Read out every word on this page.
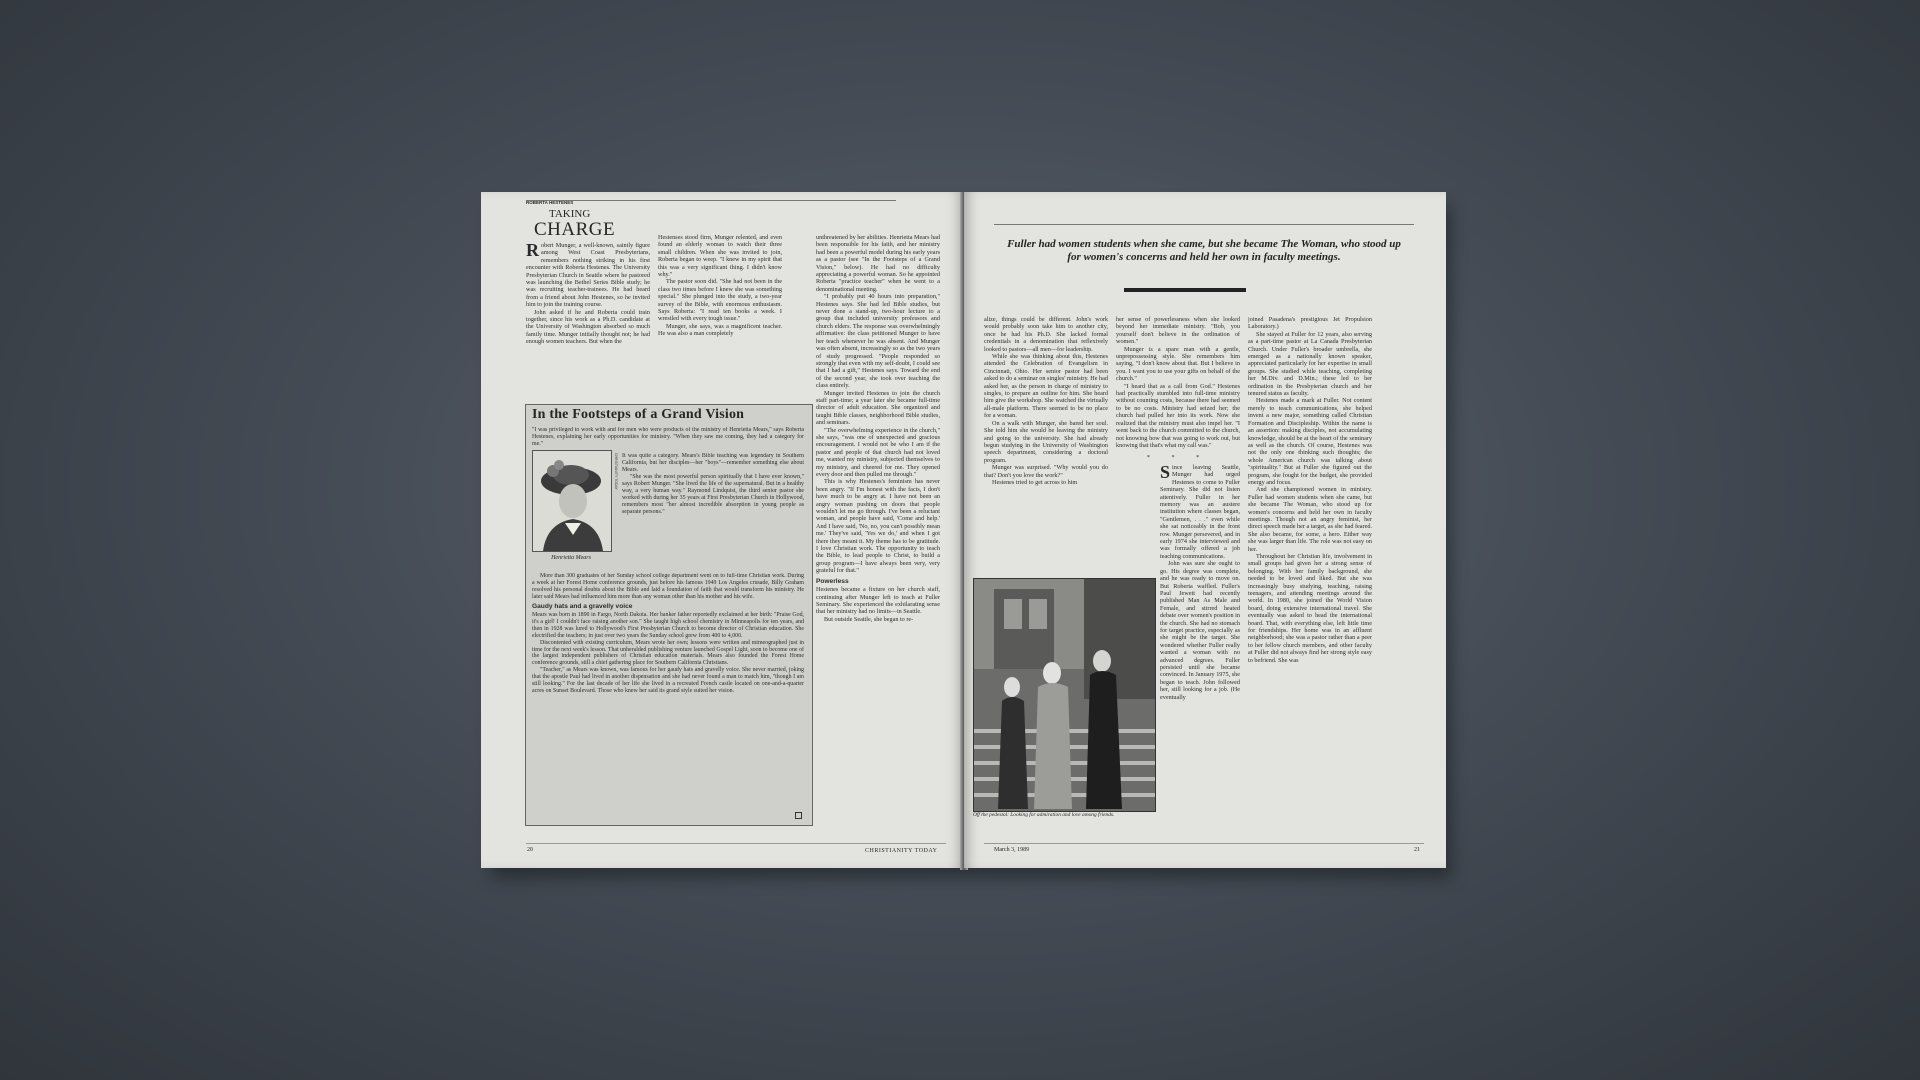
ROBERTA HESTENES
TAKING
CHARGE

Robert Munger, a well-known, saintly figure among West Coast Presbyterians, remembers nothing striking in his first encounter with Roberta Hestenes. The University Presbyterian Church in Seattle where he pastored was launching the Bethel Series Bible study; he was recruiting teacher-trainees. He had heard from a friend about John Hestenes, so he invited him to join the training course.

John asked if he and Roberta could train together, since his work as a Ph.D. candidate at the University of Washington absorbed so much family time. Munger initially thought not; he had enough women teachers. But when the

Hestenses stood firm, Munger relented, and even found an elderly woman to watch their three small children. When she was invited to join, Roberta began to weep. "I knew in my spirit that this was a very significant thing. I didn't know why."

The pastor soon did. "She had not been in the class two times before I knew she was something special." She plunged into the study, a two-year survey of the Bible, with enormous enthusiasm. Says Roberta: "I read ten books a week. I wrestled with every tough issue."

Munger, she says, was a magnificent teacher. He was also a man completely

unthreatened by her abilities. Henrietta Mears had been responsible for his faith, and her ministry had been a powerful model during his early years as a pastor (see "In the Footsteps of a Grand Vision," below). He had no difficulty appreciating a powerful woman. So he appointed Roberta "practice teacher" when he went to a denominational meeting.

"I probably put 40 hours into preparation," Hestenes says. She had led Bible studies, but never done a stand-up, two-hour lecture to a group that included university professors and church elders. The response was overwhelmingly affirmative: the class petitioned Munger to have her teach whenever he was absent. And Munger was often absent, increasingly so as the two years of study progressed. "People responded so strongly that even with my self-doubt, I could see that I had a gift," Hestenes says. Toward the end of the second year, she took over teaching the class entirely.

Munger invited Hestenes to join the church staff part-time; a year later she became full-time director of adult education. She organized and taught Bible classes, neighborhood Bible studies, and seminars.

"The overwhelming experience in the church," she says, "was one of unexpected and gracious encouragement. I would not be who I am if the pastor and people of that church had not loved me, wanted my ministry, subjected themselves to my ministry, and cheered for me. They opened every door and then pulled me through."

This is why Hestenes's feminism has never been angry. "If I'm honest with the facts, I don't have much to be angry at. I have not been an angry woman pushing on doors that people wouldn't let me go through. I've been a reluctant woman, and people have said, 'Come and help.' And I have said, 'No, no, you can't possibly mean me.' They've said, 'Yes we do,' and when I got there they meant it. My theme has to be gratitude. I love Christian work. The opportunity to teach the Bible, to lead people to Christ, to build a group program—I have always been very, very grateful for that."

Powerless

Hestenes became a fixture on her church staff, continuing after Munger left to teach at Fuller Seminary. She experienced the exhilarating sense that her ministry had no limits—in Seattle.

But outside Seattle, she began to re-

In the Footsteps of a Grand Vision

"I was privileged to work with and for men who were products of the ministry of Henrietta Mears," says Roberta Hestenes, explaining her early opportunities for ministry. "When they saw me coming, they had a category for me."

CHRISTIANITY TODAY
Henrietta Mears

It was quite a category. Mears's Bible teaching was legendary in Southern California, but her disciples—her "boys"—remember something else about Mears.

"She was the most powerful person spiritually that I have ever known," says Robert Munger. "She lived the life of the supernatural. But in a healthy way, a very human way." Raymond Lindquist, the third senior pastor she worked with during her 35 years at First Presbyterian Church in Hollywood, remembers most "her almost incredible absorption in young people as separate persons."

More than 300 graduates of her Sunday school college department went on to full-time Christian work. During a week at her Forest Home conference grounds, just before his famous 1949 Los Angeles crusade, Billy Graham resolved his personal doubts about the Bible and laid a foundation of faith that would transform his ministry. He later said Mears had influenced him more than any woman other than his mother and his wife.

Gaudy hats and a gravelly voice

Mears was born in 1890 in Fargo, North Dakota. Her banker father reportedly exclaimed at her birth: "Praise God, it's a girl! I couldn't face raising another son." She taught high school chemistry in Minneapolis for ten years, and then in 1928 was lured to Hollywood's First Presbyterian Church to become director of Christian education. She electrified the teachers; in just over two years the Sunday school grew from 400 to 4,000.

Discontented with existing curriculum, Mears wrote her own; lessons were written and mimeographed just in time for the next week's lesson. That unheralded publishing venture launched Gospel Light, soon to become one of the largest independent publishers of Christian education materials. Mears also founded the Forest Home conference grounds, still a chief gathering place for Southern California Christians.

"Teacher," as Mears was known, was famous for her gaudy hats and gravelly voice. She never married, joking that the apostle Paul had lived in another dispensation and she had never found a man to match him, "though I am still looking." For the last decade of her life she lived in a recreated French castle located on one-and-a-quarter acres on Sunset Boulevard. Those who knew her said its grand style suited her vision.

20	CHRISTIANITY TODAY
Fuller had women students when she came, but she became The Woman, who stood up for women's concerns and held her own in faculty meetings.

alize, things could be different. John's work would probably soon take him to another city, once he had his Ph.D. She lacked formal credentials in a denomination that reflexively looked to pastors—all men—for leadership.

While she was thinking about this, Hestenes attended the Celebration of Evangelism in Cincinnati, Ohio. Her senior pastor had been asked to do a seminar on singles' ministry. He had asked her, as the person in charge of ministry to singles, to prepare an outline for him. She heard him give the workshop. She watched the virtually all-male platform. There seemed to be no place for a woman.

On a walk with Munger, she bared her soul. She told him she would be leaving the ministry and going to the university. She had already begun studying in the University of Washington speech department, considering a doctoral program.

Munger was surprised. "Why would you do that? Don't you love the work?"

Hestenes tried to get across to him

her sense of powerlessness when she looked beyond her immediate ministry. "Bob, you yourself don't believe in the ordination of women."

Munger is a spare man with a gentle, unprepossessing style. She remembers him saying, "I don't know about that. But I believe in you. I want you to use your gifts on behalf of the church."

"I heard that as a call from God." Hestenes had practically stumbled into full-time ministry without counting costs, because there had seemed to be no costs. Ministry had seized her; the church had pulled her into its work. Now she realized that the ministry must also impel her. "I went back to the church committed to the church, not knowing how that was going to work out, but knowing that that's what my call was."

* * *

Since leaving Seattle, Munger had urged Hestenes to come to Fuller Seminary. She did not listen attentively. Fuller in her memory was an austere institution where classes began, "Gentlemen, . . ." even while she sat noticeably in the front row. Munger persevered, and in early 1974 she interviewed and was formally offered a job teaching communications.

John was sure she ought to go. His degree was complete, and he was ready to move on. But Roberta waffled. Fuller's Paul Jewett had recently published Man As Male and Female, and stirred heated debate over women's position in the church. She had no stomach for target practice, especially as she might be the target. She wondered whether Fuller really wanted a woman with no advanced degrees. Fuller persisted until she became convinced. In January 1975, she began to teach. John followed her, still looking for a job. (He eventually

Off the pedestal: Looking for admiration and love among friends.

joined Pasadena's prestigious Jet Propulsion Laboratory.)

She stayed at Fuller for 12 years, also serving as a part-time pastor at La Canada Presbyterian Church. Under Fuller's broader umbrella, she emerged as a nationally known speaker, appreciated particularly for her expertise in small groups. She studied while teaching, completing her M.Div. and D.Min.; these led to her ordination in the Presbyterian church and her tenured status as faculty.

Hestenes made a mark at Fuller. Not content merely to teach communications, she helped invent a new major, something called Christian Formation and Discipleship. Within the name is an assertion: making disciples, not accumulating knowledge, should be at the heart of the seminary as well as the church. Of course, Hestenes was not the only one thinking such thoughts; the whole American church was talking about "spirituality." But at Fuller she figured out the program, she fought for the budget, she provided energy and focus.

And she championed women in ministry. Fuller had women students when she came, but she became The Woman, who stood up for women's concerns and held her own in faculty meetings. Though not an angry feminist, her direct speech made her a target, as she had feared. She also became, for some, a hero. Either way she was larger than life. The role was not easy on her.

Throughout her Christian life, involvement in small groups had given her a strong sense of belonging. With her family background, she needed to be loved and liked. But she was increasingly busy studying, teaching, raising teenagers, and attending meetings around the world. In 1980, she joined the World Vision board, doing extensive international travel. She eventually was asked to head the international board. That, with everything else, left little time for friendships. Her home was in an affluent neighborhood; she was a pastor rather than a peer to her fellow church members, and other faculty at Fuller did not always find her strong style easy to befriend. She was

March 3, 1989	21
